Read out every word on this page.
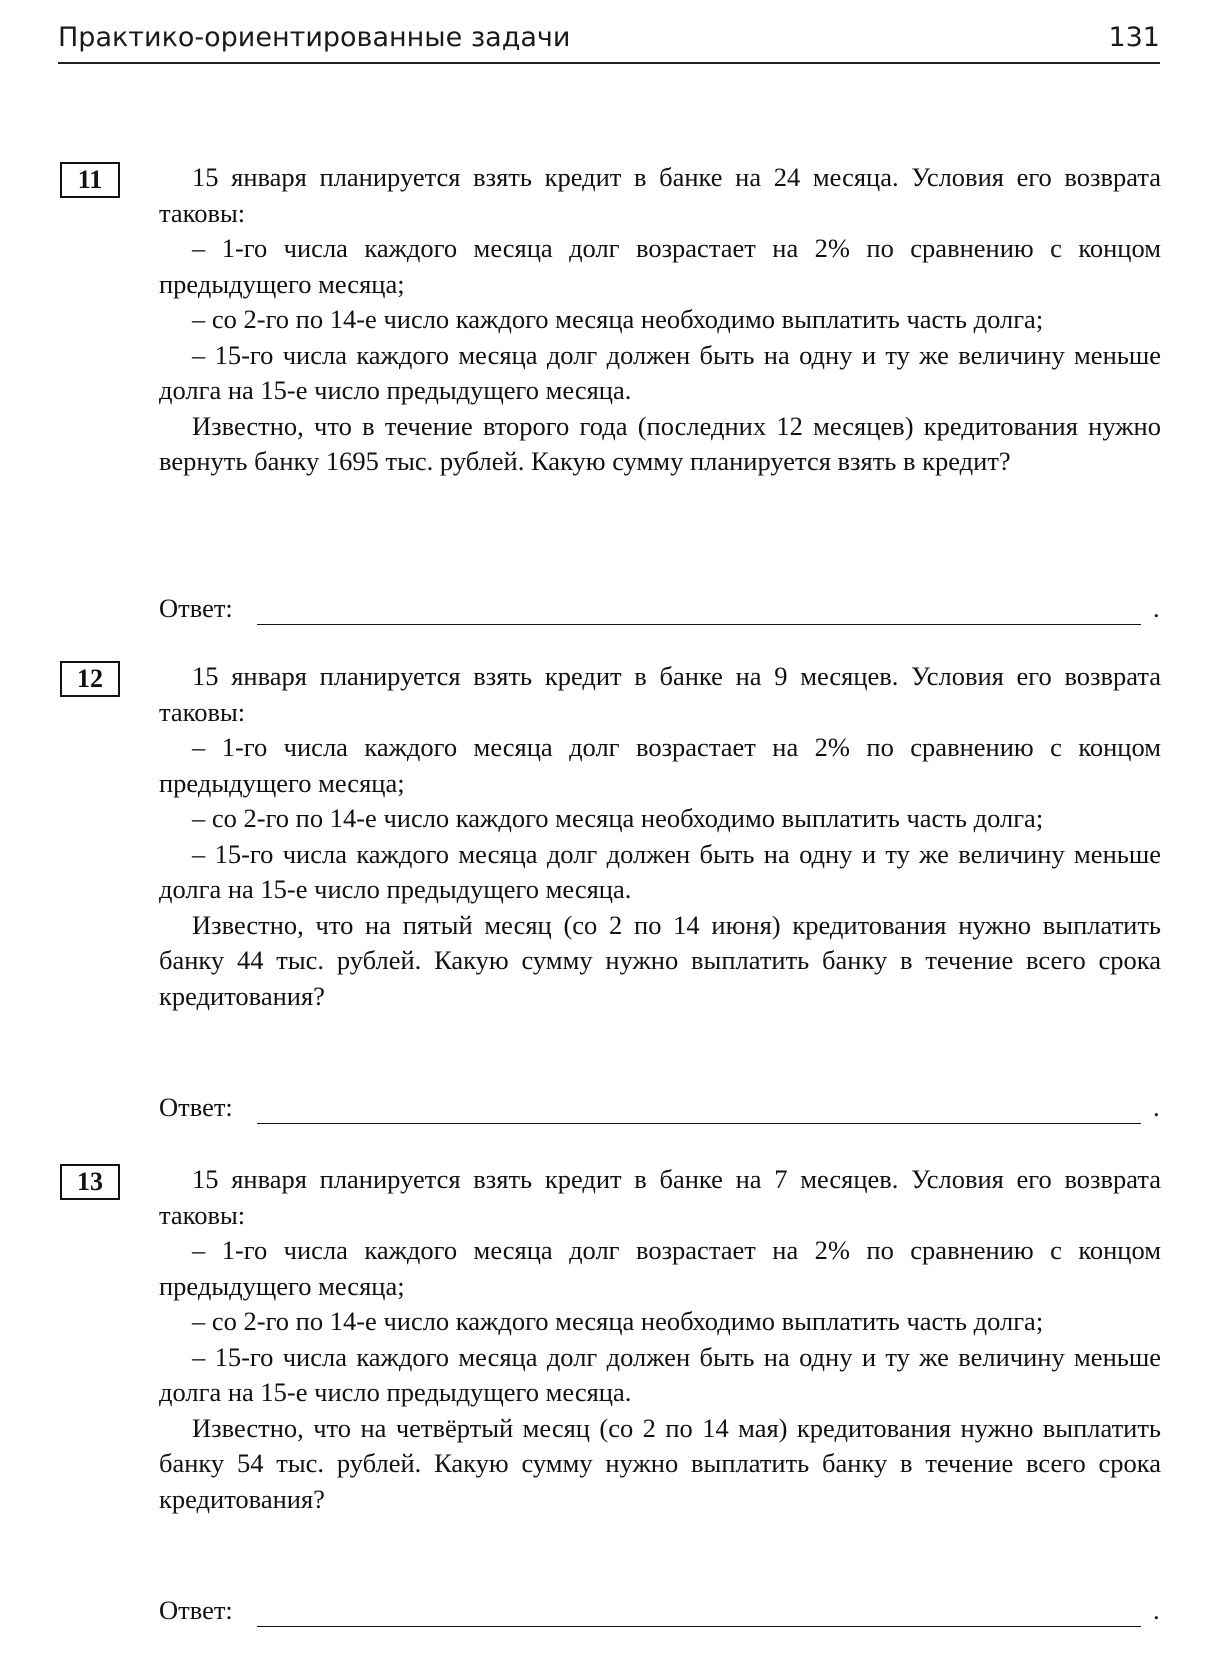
Практико-ориентированные задачи	131
11	15 января планируется взять кредит в банке на 24 месяца. Условия его возврата таковы:

– 1-го числа каждого месяца долг возрастает на 2% по сравнению с концом предыдущего месяца;

– со 2-го по 14-е число каждого месяца необходимо выплатить часть долга;

– 15-го числа каждого месяца долг должен быть на одну и ту же величину меньше долга на 15-е число предыдущего месяца.

Известно, что в течение второго года (последних 12 месяцев) кредитования нужно вернуть банку 1695 тыс. рублей. Какую сумму планируется взять в кредит?

Ответ:	.
12	15 января планируется взять кредит в банке на 9 месяцев. Условия его возврата таковы:

– 1-го числа каждого месяца долг возрастает на 2% по сравнению с концом предыдущего месяца;

– со 2-го по 14-е число каждого месяца необходимо выплатить часть долга;

– 15-го числа каждого месяца долг должен быть на одну и ту же величину меньше долга на 15-е число предыдущего месяца.

Известно, что на пятый месяц (со 2 по 14 июня) кредитования нужно выплатить банку 44 тыс. рублей. Какую сумму нужно выплатить банку в течение всего срока кредитования?

Ответ:	.
13	15 января планируется взять кредит в банке на 7 месяцев. Условия его возврата таковы:

– 1-го числа каждого месяца долг возрастает на 2% по сравнению с концом предыдущего месяца;

– со 2-го по 14-е число каждого месяца необходимо выплатить часть долга;

– 15-го числа каждого месяца долг должен быть на одну и ту же величину меньше долга на 15-е число предыдущего месяца.

Известно, что на четвёртый месяц (со 2 по 14 мая) кредитования нужно выплатить банку 54 тыс. рублей. Какую сумму нужно выплатить банку в течение всего срока кредитования?

Ответ:	.
